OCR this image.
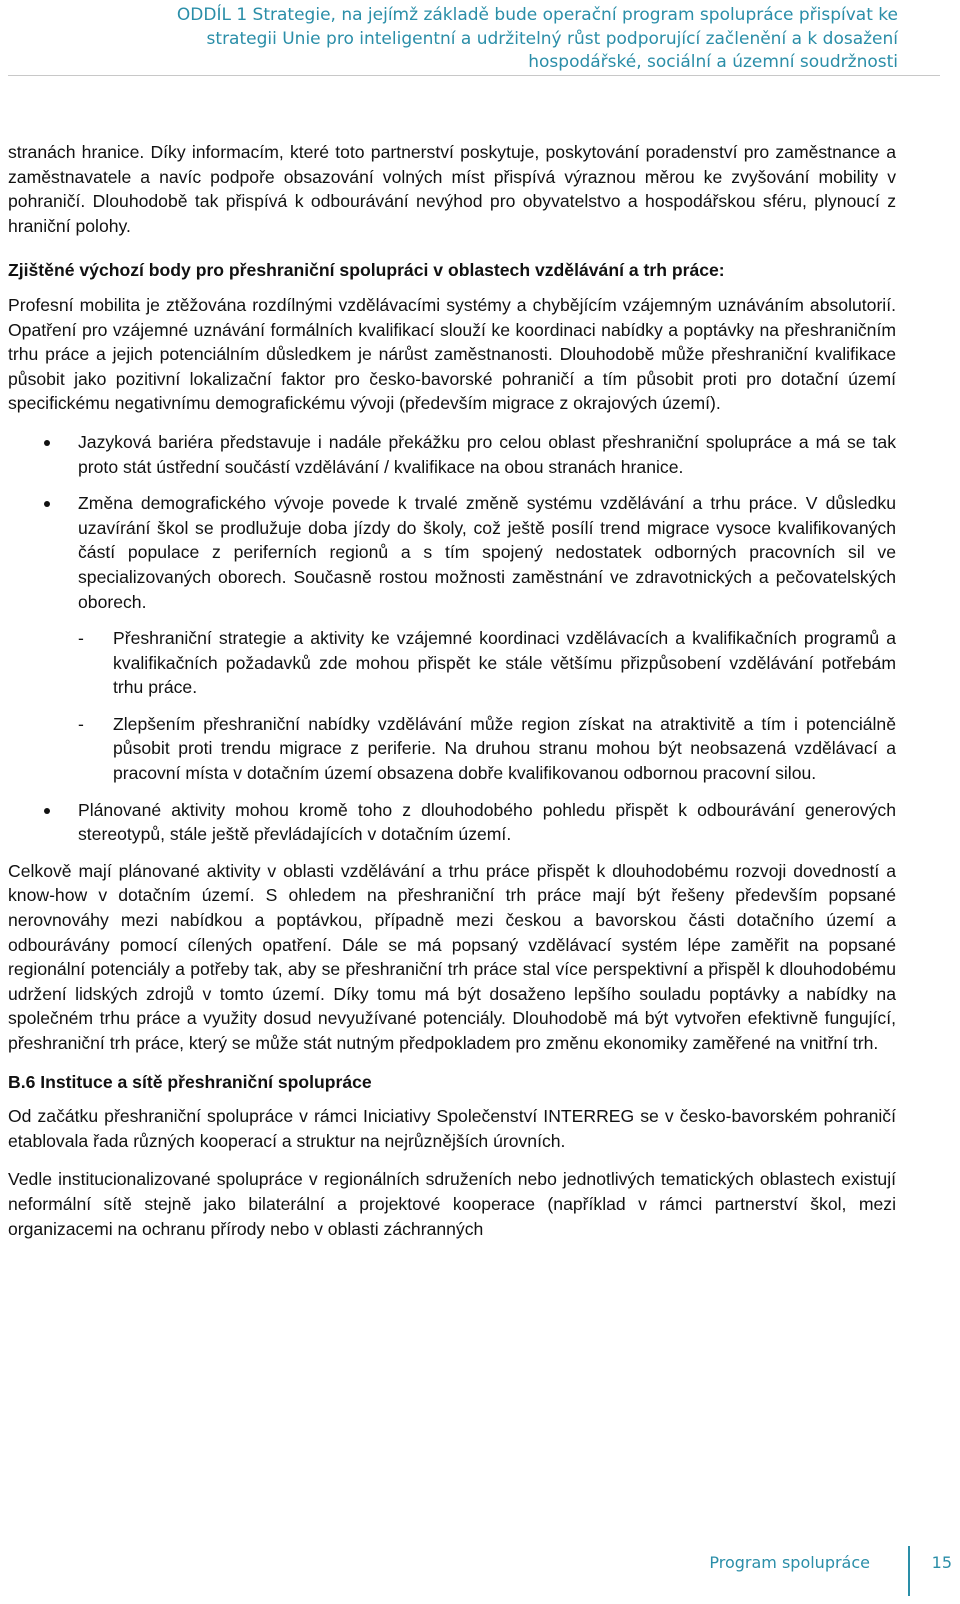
ODDÍL 1 Strategie, na jejímž základě bude operační program spolupráce přispívat ke
strategii Unie pro inteligentní a udržitelný růst podporující začlenění a k dosažení
hospodářské, sociální a územní soudržnosti

stranách hranice. Díky informacím, které toto partnerství poskytuje, poskytování poradenství pro zaměstnance a zaměstnavatele a navíc podpoře obsazování volných míst přispívá výraznou měrou ke zvyšování mobility v pohraničí. Dlouhodobě tak přispívá k odbourávání nevýhod pro obyvatelstvo a hospodářskou sféru, plynoucí z hraniční polohy.

Zjištěné výchozí body pro přeshraniční spolupráci v oblastech vzdělávání a trh práce:

Profesní mobilita je ztěžována rozdílnými vzdělávacími systémy a chybějícím vzájemným uznáváním absolutorií. Opatření pro vzájemné uznávání formálních kvalifikací slouží ke koordinaci nabídky a poptávky na přeshraničním trhu práce a jejich potenciálním důsledkem je nárůst zaměstnanosti. Dlouhodobě může přeshraniční kvalifikace působit jako pozitivní lokalizační faktor pro česko-bavorské pohraničí a tím působit proti pro dotační území specifickému negativnímu demografickému vývoji (především migrace z okrajových území).

Jazyková bariéra představuje i nadále překážku pro celou oblast přeshraniční spolupráce a má se tak proto stát ústřední součástí vzdělávání / kvalifikace na obou stranách hranice.
Změna demografického vývoje povede k trvalé změně systému vzdělávání a trhu práce. V důsledku uzavírání škol se prodlužuje doba jízdy do školy, což ještě posílí trend migrace vysoce kvalifikovaných částí populace z periferních regionů a s tím spojený nedostatek odborných pracovních sil ve specializovaných oborech. Současně rostou možnosti zaměstnání ve zdravotnických a pečovatelských oborech.
- Přeshraniční strategie a aktivity ke vzájemné koordinaci vzdělávacích a kvalifikačních programů a kvalifikačních požadavků zde mohou přispět ke stále většímu přizpůsobení vzdělávání potřebám trhu práce.
- Zlepšením přeshraniční nabídky vzdělávání může region získat na atraktivitě a tím i potenciálně působit proti trendu migrace z periferie. Na druhou stranu mohou být neobsazená vzdělávací a pracovní místa v dotačním území obsazena dobře kvalifikovanou odbornou pracovní silou.
Plánované aktivity mohou kromě toho z dlouhodobého pohledu přispět k odbourávání generových stereotypů, stále ještě převládajících v dotačním území.

Celkově mají plánované aktivity v oblasti vzdělávání a trhu práce přispět k dlouhodobému rozvoji dovedností a know-how v dotačním území. S ohledem na přeshraniční trh práce mají být řešeny především popsané nerovnováhy mezi nabídkou a poptávkou, případně mezi českou a bavorskou části dotačního území a odbourávány pomocí cílených opatření. Dále se má popsaný vzdělávací systém lépe zaměřit na popsané regionální potenciály a potřeby tak, aby se přeshraniční trh práce stal více perspektivní a přispěl k dlouhodobému udržení lidských zdrojů v tomto území. Díky tomu má být dosaženo lepšího souladu poptávky a nabídky na společném trhu práce a využity dosud nevyužívané potenciály. Dlouhodobě má být vytvořen efektivně fungující, přeshraniční trh práce, který se může stát nutným předpokladem pro změnu ekonomiky zaměřené na vnitřní trh.

B.6 Instituce a sítě přeshraniční spolupráce

Od začátku přeshraniční spolupráce v rámci Iniciativy Společenství INTERREG se v česko-bavorském pohraničí etablovala řada různých kooperací a struktur na nejrůznějších úrovních.

Vedle institucionalizované spolupráce v regionálních sdruženích nebo jednotlivých tematických oblastech existují neformální sítě stejně jako bilaterální a projektové kooperace (například v rámci partnerství škol, mezi organizacemi na ochranu přírody nebo v oblasti záchranných

Program spolupráce	15
